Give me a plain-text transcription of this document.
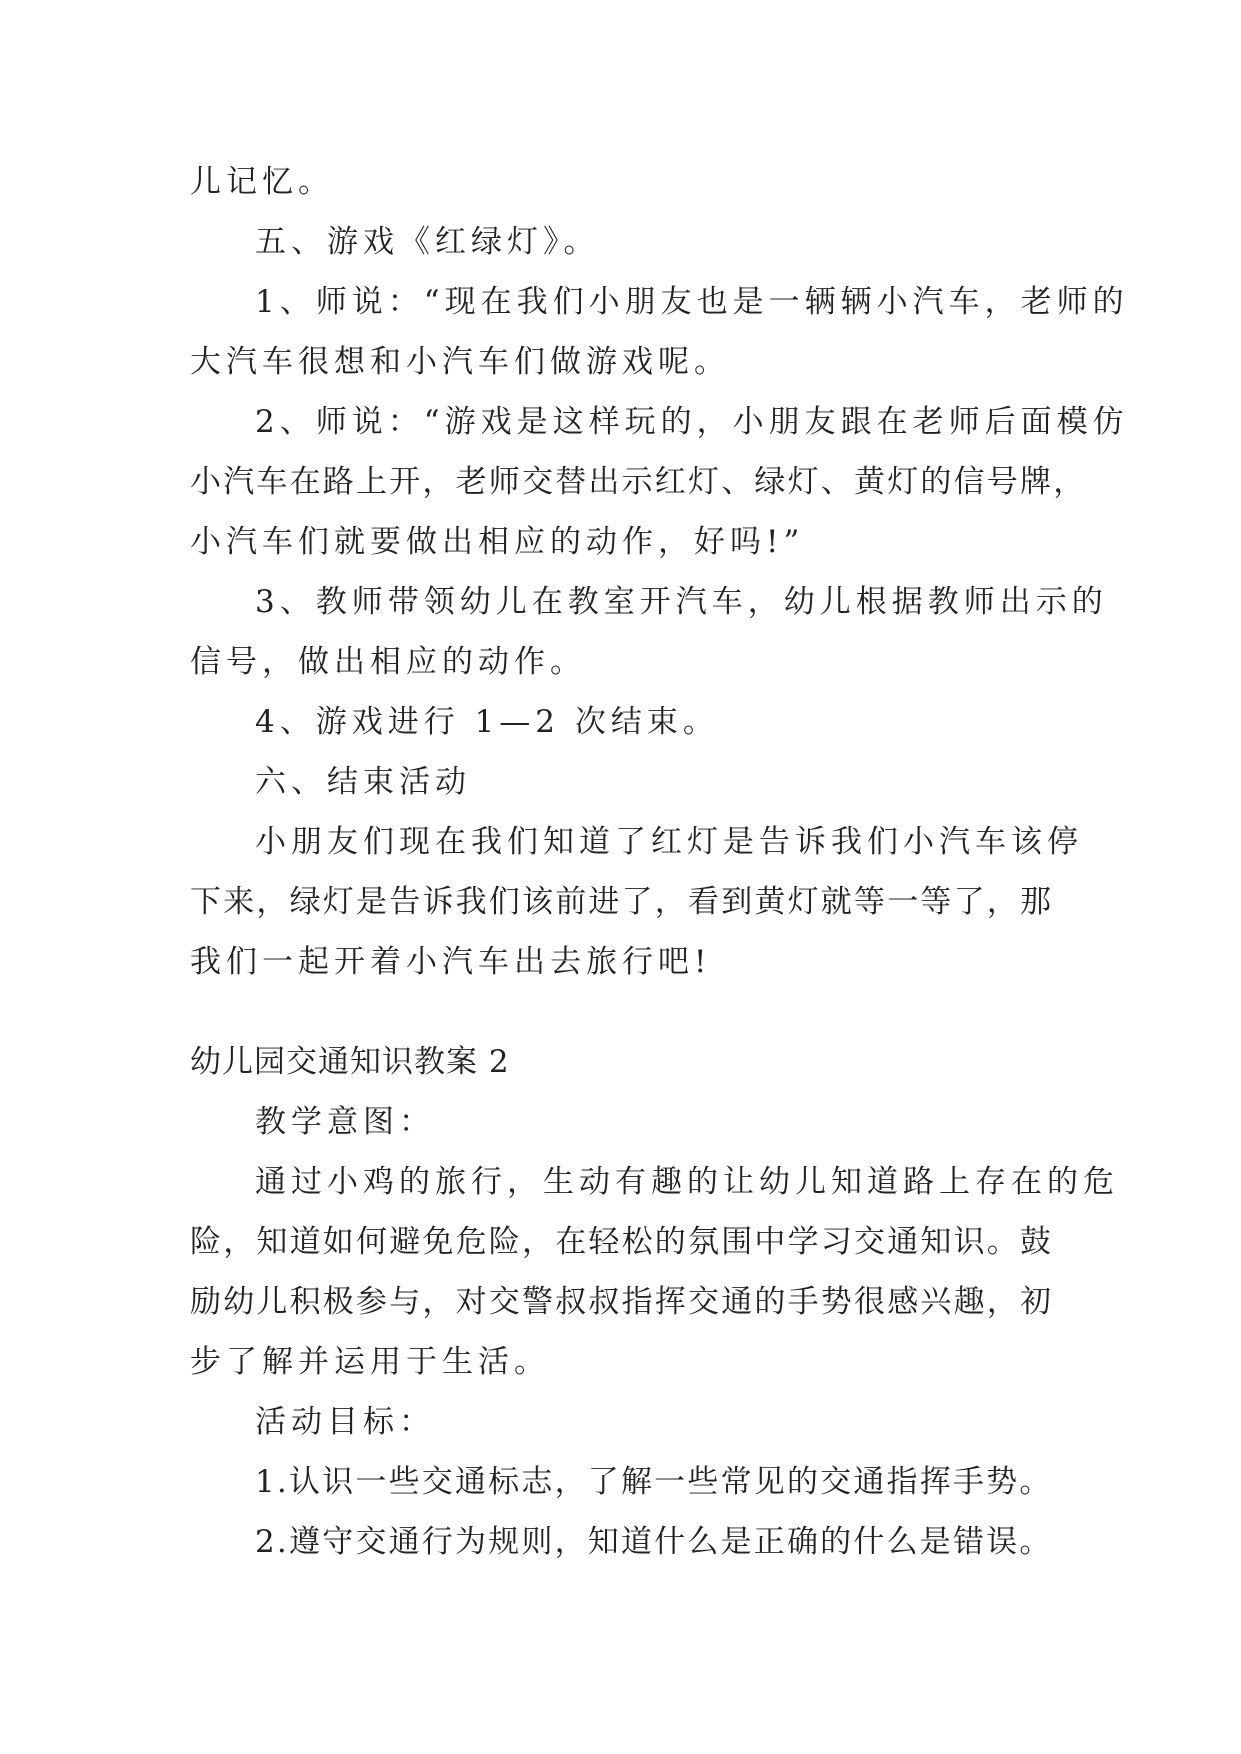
儿记忆。
五、游戏《红绿灯》。
1、师说：“现在我们小朋友也是一辆辆小汽车，老师的
大汽车很想和小汽车们做游戏呢。
2、师说：“游戏是这样玩的，小朋友跟在老师后面模仿
小汽车在路上开，老师交替出示红灯、绿灯、黄灯的信号牌，
小汽车们就要做出相应的动作，好吗!”
3、教师带领幼儿在教室开汽车，幼儿根据教师出示的
信号，做出相应的动作。
4、游戏进行 1—2 次结束。
六、结束活动
小朋友们现在我们知道了红灯是告诉我们小汽车该停
下来，绿灯是告诉我们该前进了，看到黄灯就等一等了，那
我们一起开着小汽车出去旅行吧!
幼儿园交通知识教案 2
教学意图：
通过小鸡的旅行，生动有趣的让幼儿知道路上存在的危
险，知道如何避免危险，在轻松的氛围中学习交通知识。鼓
励幼儿积极参与，对交警叔叔指挥交通的手势很感兴趣，初
步了解并运用于生活。
活动目标：
1.认识一些交通标志，了解一些常见的交通指挥手势。
2.遵守交通行为规则，知道什么是正确的什么是错误。
